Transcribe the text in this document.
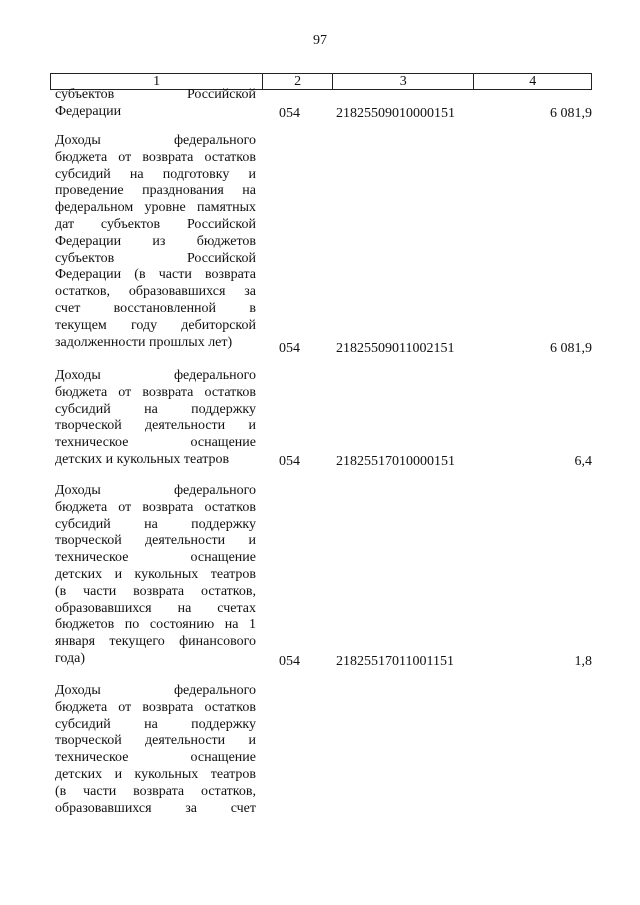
97
1	2	3	4
субъектов Российской
Федерации	054	21825509010000151	6 081,9
Доходы федерального
бюджета от возврата остатков
субсидий на подготовку и
проведение празднования на
федеральном уровне памятных
дат субъектов Российской
Федерации из бюджетов
субъектов Российской
Федерации (в части возврата
остатков, образовавшихся за
счет восстановленной в
текущем году дебиторской
задолженности прошлых лет)	054	21825509011002151	6 081,9
Доходы федерального
бюджета от возврата остатков
субсидий на поддержку
творческой деятельности и
техническое оснащение
детских и кукольных театров	054	21825517010000151	6,4
Доходы федерального
бюджета от возврата остатков
субсидий на поддержку
творческой деятельности и
техническое оснащение
детских и кукольных театров
(в части возврата остатков,
образовавшихся на счетах
бюджетов по состоянию на 1
января текущего финансового
года)	054	21825517011001151	1,8
Доходы федерального
бюджета от возврата остатков
субсидий на поддержку
творческой деятельности и
техническое оснащение
детских и кукольных театров
(в части возврата остатков,
образовавшихся за счет
